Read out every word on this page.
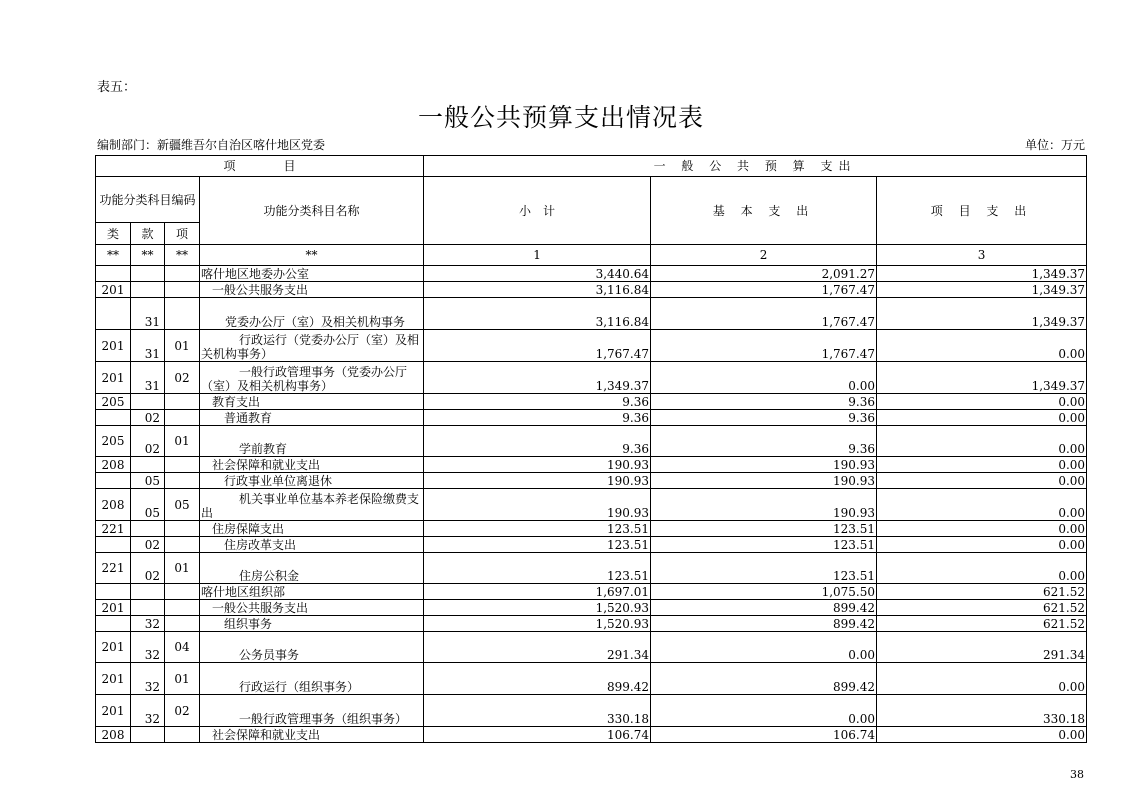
表五：
一般公共预算支出情况表
编制部门：新疆维吾尔自治区喀什地区党委	单位：万元
项　　　　目				一 般 公 共 预 算 支出		
功能分类科目编码			功能分类科目名称	小　计	基 本 支 出	项 目 支 出
类	款	项				
**	**	**	**	1	2	3
			喀什地区地委办公室	3,440.64	2,091.27	1,349.37
201			一般公共服务支出	3,116.84	1,767.47	1,349.37
	31		党委办公厅（室）及相关机构事务	3,116.84	1,767.47	1,349.37
201	31	01	行政运行（党委办公厅（室）及相关机构事务）	1,767.47	1,767.47	0.00
201	31	02	一般行政管理事务（党委办公厅（室）及相关机构事务）	1,349.37	0.00	1,349.37
205			教育支出	9.36	9.36	0.00
	02		普通教育	9.36	9.36	0.00
205	02	01	学前教育	9.36	9.36	0.00
208			社会保障和就业支出	190.93	190.93	0.00
	05		行政事业单位离退休	190.93	190.93	0.00
208	05	05	机关事业单位基本养老保险缴费支出	190.93	190.93	0.00
221			住房保障支出	123.51	123.51	0.00
	02		住房改革支出	123.51	123.51	0.00
221	02	01	住房公积金	123.51	123.51	0.00
			喀什地区组织部	1,697.01	1,075.50	621.52
201			一般公共服务支出	1,520.93	899.42	621.52
	32		组织事务	1,520.93	899.42	621.52
201	32	04	公务员事务	291.34	0.00	291.34
201	32	01	行政运行（组织事务）	899.42	899.42	0.00
201	32	02	一般行政管理事务（组织事务）	330.18	0.00	330.18
208			社会保障和就业支出	106.74	106.74	0.00
38
